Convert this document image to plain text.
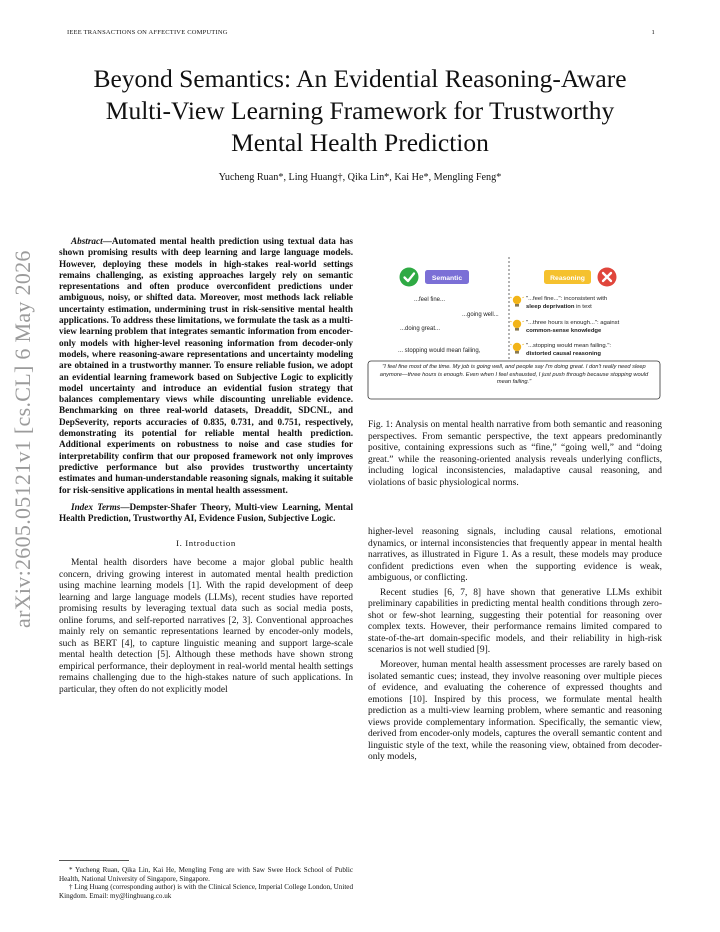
IEEE TRANSACTIONS ON AFFECTIVE COMPUTING	1
arXiv:2605.05121v1 [cs.CL] 6 May 2026
Beyond Semantics: An Evidential Reasoning-Aware
Multi-View Learning Framework for Trustworthy
Mental Health Prediction
Yucheng Ruan*, Ling Huang†, Qika Lin*, Kai He*, Mengling Feng*

Abstract—Automated mental health prediction using textual data has shown promising results with deep learning and large language models. However, deploying these models in high-stakes real-world settings remains challenging, as existing approaches largely rely on semantic representations and often produce overconfident predictions under ambiguous, noisy, or shifted data. Moreover, most methods lack reliable uncertainty estimation, undermining trust in risk-sensitive mental health applications. To address these limitations, we formulate the task as a multi-view learning problem that integrates semantic information from encoder-only models with higher-level reasoning information from decoder-only models, where reasoning-aware representations and uncertainty modeling are obtained in a trustworthy manner. To ensure reliable fusion, we adopt an evidential learning framework based on Subjective Logic to explicitly model uncertainty and introduce an evidential fusion strategy that balances complementary views while discounting unreliable evidence. Benchmarking on three real-world datasets, Dreaddit, SDCNL, and DepSeverity, reports accuracies of 0.835, 0.731, and 0.751, respectively, demonstrating its potential for reliable mental health prediction. Additional experiments on robustness to noise and case studies for interpretability confirm that our proposed framework not only improves predictive performance but also provides trustworthy uncertainty estimates and human-understandable reasoning signals, making it suitable for risk-sensitive applications in mental health assessment.

Index Terms—Dempster-Shafer Theory, Multi-view Learning, Mental Health Prediction, Trustworthy AI, Evidence Fusion, Subjective Logic.

I. Introduction

Mental health disorders have become a major global public health concern, driving growing interest in automated mental health prediction using machine learning models [1]. With the rapid development of deep learning and large language models (LLMs), recent studies have reported promising results by leveraging textual data such as social media posts, online forums, and self-reported narratives [2, 3]. Conventional approaches mainly rely on semantic representations learned by encoder-only models, such as BERT [4], to capture linguistic meaning and support large-scale mental health detection [5]. Although these methods have shown strong empirical performance, their deployment in real-world mental health settings remains challenging due to the high-stakes nature of such applications. In particular, they often do not explicitly model

* Yucheng Ruan, Qika Lin, Kai He, Mengling Feng are with Saw Swee Hock School of Public Health, National University of Singapore, Singapore.
† Ling Huang (corresponding author) is with the Clinical Science, Imperial College London, United Kingdom. Email: my@linghuang.co.uk
Semantic	Reasoning
...feel fine...
...going well...
...doing great...
... stopping would mean failing,
"...feel fine...": inconsistent with
sleep deprivation in text
"...three hours is enough...": against
common-sense knowledge
"...stopping would mean failing.":
distorted causal reasoning
"I feel fine most of the time. My job is going well, and people say I'm doing great. I don't really need sleep anymore—three hours is enough. Even when I feel exhausted, I just push through because stopping would mean failing."

Fig. 1: Analysis on mental health narrative from both semantic and reasoning perspectives. From semantic perspective, the text appears predominantly positive, containing expressions such as “fine,” “going well,” and “doing great.” while the reasoning-oriented analysis reveals underlying conflicts, including logical inconsistencies, maladaptive causal reasoning, and violations of basic physiological norms.

higher-level reasoning signals, including causal relations, emotional dynamics, or internal inconsistencies that frequently appear in mental health narratives, as illustrated in Figure 1. As a result, these models may produce confident predictions even when the supporting evidence is weak, ambiguous, or conflicting.

Recent studies [6, 7, 8] have shown that generative LLMs exhibit preliminary capabilities in predicting mental health conditions through zero-shot or few-shot learning, suggesting their potential for reasoning over complex texts. However, their performance remains limited compared to state-of-the-art domain-specific models, and their reliability in high-risk scenarios is not well studied [9].

Moreover, human mental health assessment processes are rarely based on isolated semantic cues; instead, they involve reasoning over multiple pieces of evidence, and evaluating the coherence of expressed thoughts and emotions [10]. Inspired by this process, we formulate mental health prediction as a multi-view learning problem, where semantic and reasoning views provide complementary information. Specifically, the semantic view, derived from encoder-only models, captures the overall semantic content and linguistic style of the text, while the reasoning view, obtained from decoder-only models,
